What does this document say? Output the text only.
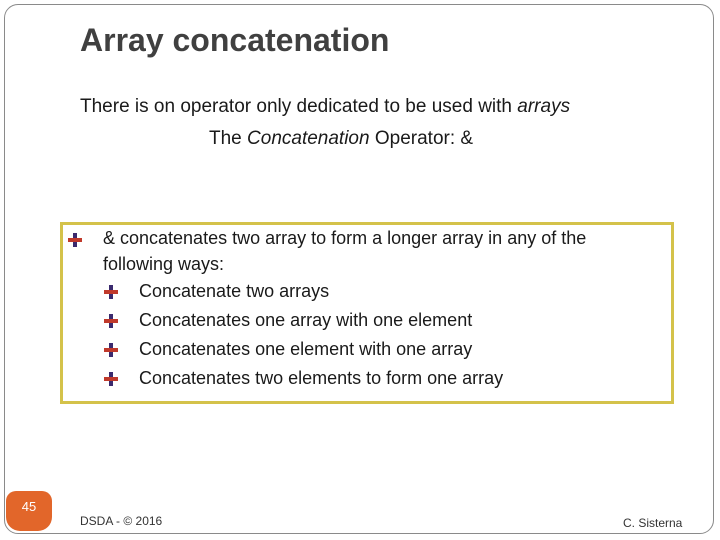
Array concatenation
There is on operator only dedicated to be used with arrays
The Concatenation Operator: &
& concatenates two array to form a longer array in any of the
following ways:
Concatenate two arrays
Concatenates one array with one element
Concatenates one element with one array
Concatenates two elements to form one array
45
DSDA - © 2016	C. Sisterna
